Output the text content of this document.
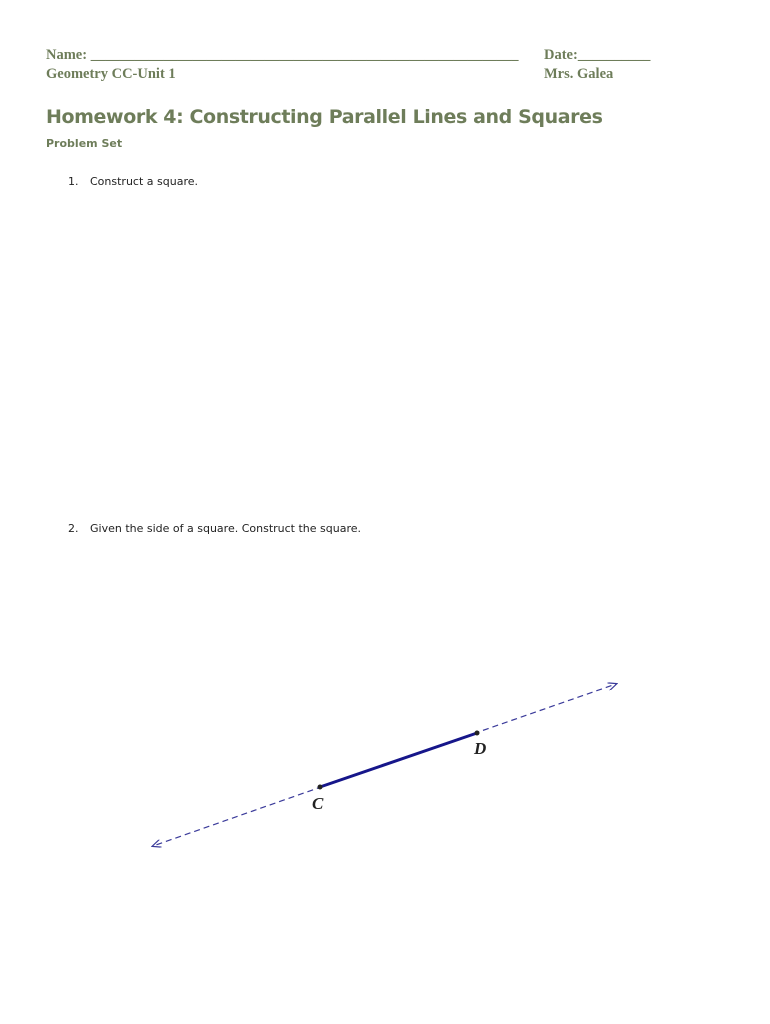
Name: ___________________________________________________________ Date:__________
Geometry CC-Unit 1	Mrs. Galea
Homework 4: Constructing Parallel Lines and Squares
Problem Set
1. Construct a square.
2. Given the side of a square. Construct the square.
C
D
